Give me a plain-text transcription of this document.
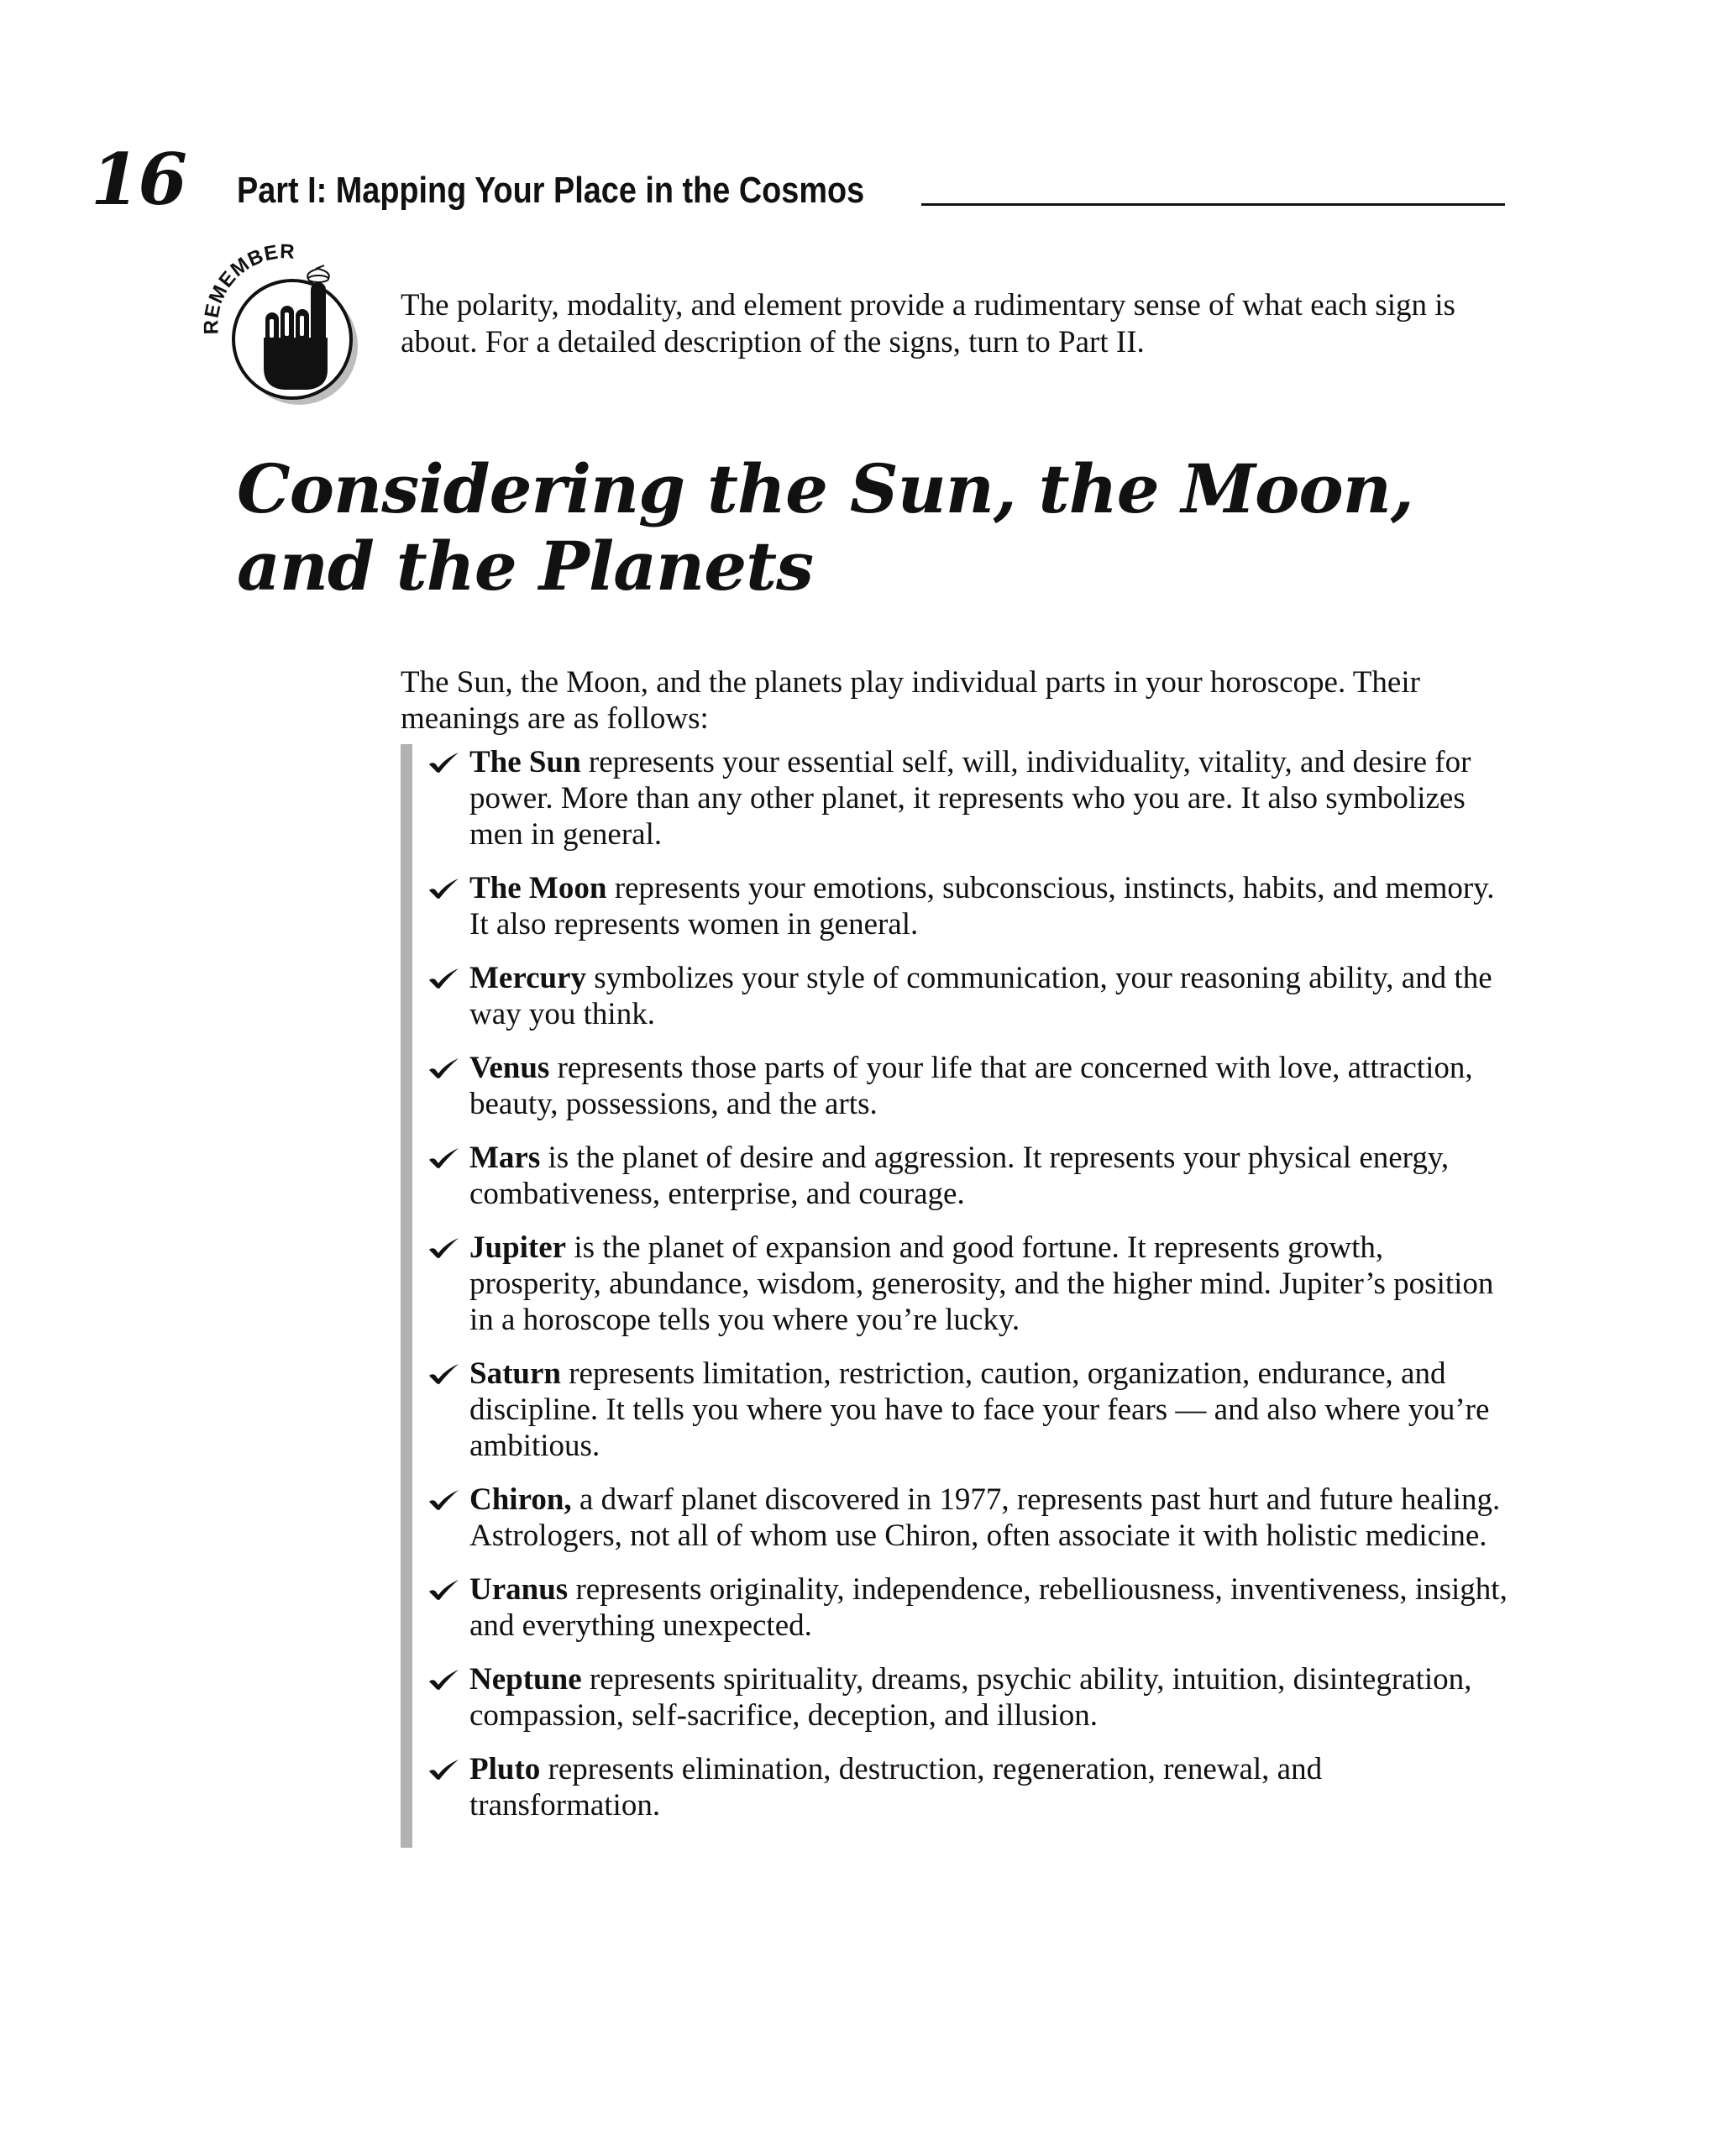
16 Part I: Mapping Your Place in the Cosmos
REMEMBER
The polarity, modality, and element provide a rudimentary sense of what each sign is about. For a detailed description of the signs, turn to Part II.
Considering the Sun, the Moon,
and the Planets

The Sun, the Moon, and the planets play individual parts in your horoscope. Their meanings are as follows:

The Sun represents your essential self, will, individuality, vitality, and desire for power. More than any other planet, it represents who you are. It also symbolizes men in general.
The Moon represents your emotions, subconscious, instincts, habits, and memory. It also represents women in general.
Mercury symbolizes your style of communication, your reasoning ability, and the way you think.
Venus represents those parts of your life that are concerned with love, attraction, beauty, possessions, and the arts.
Mars is the planet of desire and aggression. It represents your physical energy, combativeness, enterprise, and courage.
Jupiter is the planet of expansion and good fortune. It represents growth, prosperity, abundance, wisdom, generosity, and the higher mind. Jupiter’s position in a horoscope tells you where you’re lucky.
Saturn represents limitation, restriction, caution, organization, endurance, and discipline. It tells you where you have to face your fears — and also where you’re ambitious.
Chiron, a dwarf planet discovered in 1977, represents past hurt and future healing. Astrologers, not all of whom use Chiron, often associate it with holistic medicine.
Uranus represents originality, independence, rebelliousness, inventiveness, insight, and everything unexpected.
Neptune represents spirituality, dreams, psychic ability, intuition, disintegration, compassion, self-sacrifice, deception, and illusion.
Pluto represents elimination, destruction, regeneration, renewal, and transformation.
